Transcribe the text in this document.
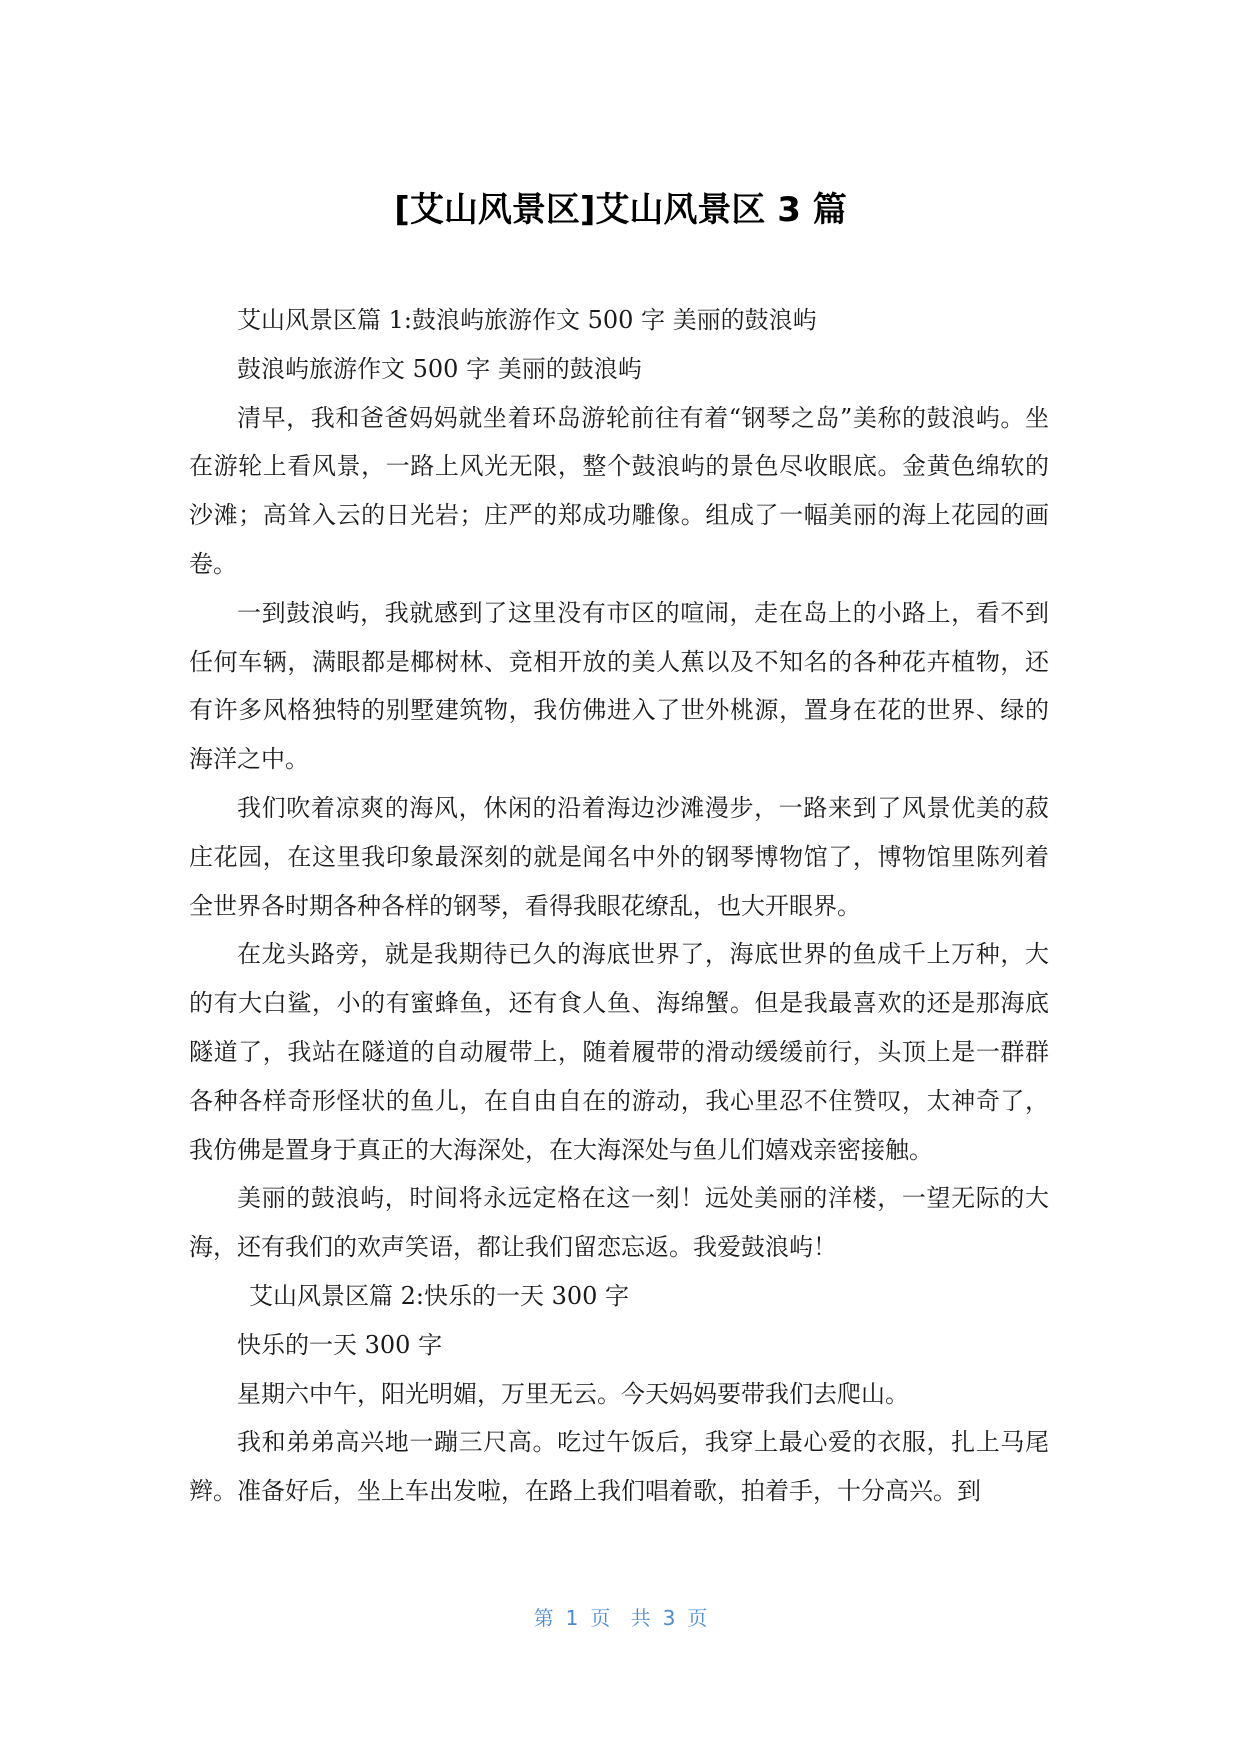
[艾山风景区]艾山风景区 3 篇

艾山风景区篇 1:鼓浪屿旅游作文 500 字 美丽的鼓浪屿

鼓浪屿旅游作文 500 字 美丽的鼓浪屿

清早，我和爸爸妈妈就坐着环岛游轮前往有着“钢琴之岛”美称的鼓浪屿。坐在游轮上看风景，一路上风光无限，整个鼓浪屿的景色尽收眼底。金黄色绵软的沙滩；高耸入云的日光岩；庄严的郑成功雕像。组成了一幅美丽的海上花园的画卷。

一到鼓浪屿，我就感到了这里没有市区的喧闹，走在岛上的小路上，看不到任何车辆，满眼都是椰树林、竞相开放的美人蕉以及不知名的各种花卉植物，还有许多风格独特的别墅建筑物，我仿佛进入了世外桃源，置身在花的世界、绿的海洋之中。

我们吹着凉爽的海风，休闲的沿着海边沙滩漫步，一路来到了风景优美的菽庄花园，在这里我印象最深刻的就是闻名中外的钢琴博物馆了，博物馆里陈列着全世界各时期各种各样的钢琴，看得我眼花缭乱，也大开眼界。

在龙头路旁，就是我期待已久的海底世界了，海底世界的鱼成千上万种，大的有大白鲨，小的有蜜蜂鱼，还有食人鱼、海绵蟹。但是我最喜欢的还是那海底隧道了，我站在隧道的自动履带上，随着履带的滑动缓缓前行，头顶上是一群群各种各样奇形怪状的鱼儿，在自由自在的游动，我心里忍不住赞叹，太神奇了，我仿佛是置身于真正的大海深处，在大海深处与鱼儿们嬉戏亲密接触。

美丽的鼓浪屿，时间将永远定格在这一刻！远处美丽的洋楼，一望无际的大海，还有我们的欢声笑语，都让我们留恋忘返。我爱鼓浪屿！

艾山风景区篇 2:快乐的一天 300 字

快乐的一天 300 字

星期六中午，阳光明媚，万里无云。今天妈妈要带我们去爬山。

我和弟弟高兴地一蹦三尺高。吃过午饭后，我穿上最心爱的衣服，扎上马尾辫。准备好后，坐上车出发啦，在路上我们唱着歌，拍着手，十分高兴。到

第 1 页 共 3 页
